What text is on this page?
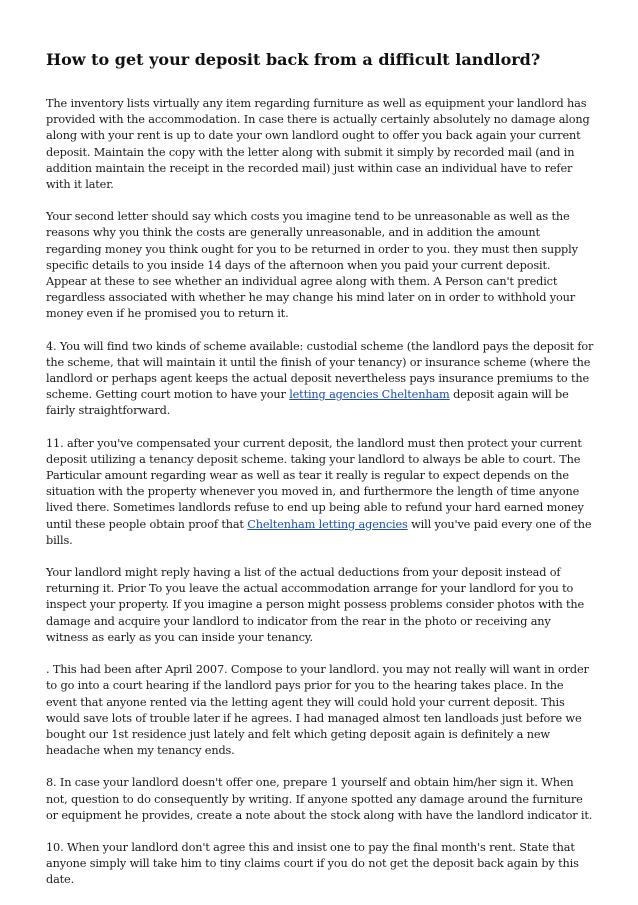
How to get your deposit back from a difficult landlord?

The inventory lists virtually any item regarding furniture as well as equipment your landlord has provided with the accommodation. In case there is actually certainly absolutely no damage along along with your rent is up to date your own landlord ought to offer you back again your current deposit. Maintain the copy with the letter along with submit it simply by recorded mail (and in addition maintain the receipt in the recorded mail) just within case an individual have to refer with it later.

Your second letter should say which costs you imagine tend to be unreasonable as well as the reasons why you think the costs are generally unreasonable, and in addition the amount regarding money you think ought for you to be returned in order to you. they must then supply specific details to you inside 14 days of the afternoon when you paid your current deposit. Appear at these to see whether an individual agree along with them. A Person can't predict regardless associated with whether he may change his mind later on in order to withhold your money even if he promised you to return it.

4. You will find two kinds of scheme available: custodial scheme (the landlord pays the deposit for the scheme, that will maintain it until the finish of your tenancy) or insurance scheme (where the landlord or perhaps agent keeps the actual deposit nevertheless pays insurance premiums to the scheme. Getting court motion to have your letting agencies Cheltenham deposit again will be fairly straightforward.

11. after you've compensated your current deposit, the landlord must then protect your current deposit utilizing a tenancy deposit scheme. taking your landlord to always be able to court. The Particular amount regarding wear as well as tear it really is regular to expect depends on the situation with the property whenever you moved in, and furthermore the length of time anyone lived there. Sometimes landlords refuse to end up being able to refund your hard earned money until these people obtain proof that Cheltenham letting agencies will you've paid every one of the bills.

Your landlord might reply having a list of the actual deductions from your deposit instead of returning it. Prior To you leave the actual accommodation arrange for your landlord for you to inspect your property. If you imagine a person might possess problems consider photos with the damage and acquire your landlord to indicator from the rear in the photo or receiving any witness as early as you can inside your tenancy.

. This had been after April 2007. Compose to your landlord. you may not really will want in order to go into a court hearing if the landlord pays prior for you to the hearing takes place. In the event that anyone rented via the letting agent they will could hold your current deposit. This would save lots of trouble later if he agrees. I had managed almost ten landloads just before we bought our 1st residence just lately and felt which geting deposit again is definitely a new headache when my tenancy ends.

8. In case your landlord doesn't offer one, prepare 1 yourself and obtain him/her sign it. When not, question to do consequently by writing. If anyone spotted any damage around the furniture or equipment he provides, create a note about the stock along with have the landlord indicator it.

10. When your landlord don't agree this and insist one to pay the final month's rent. State that anyone simply will take him to tiny claims court if you do not get the deposit back again by this date.
